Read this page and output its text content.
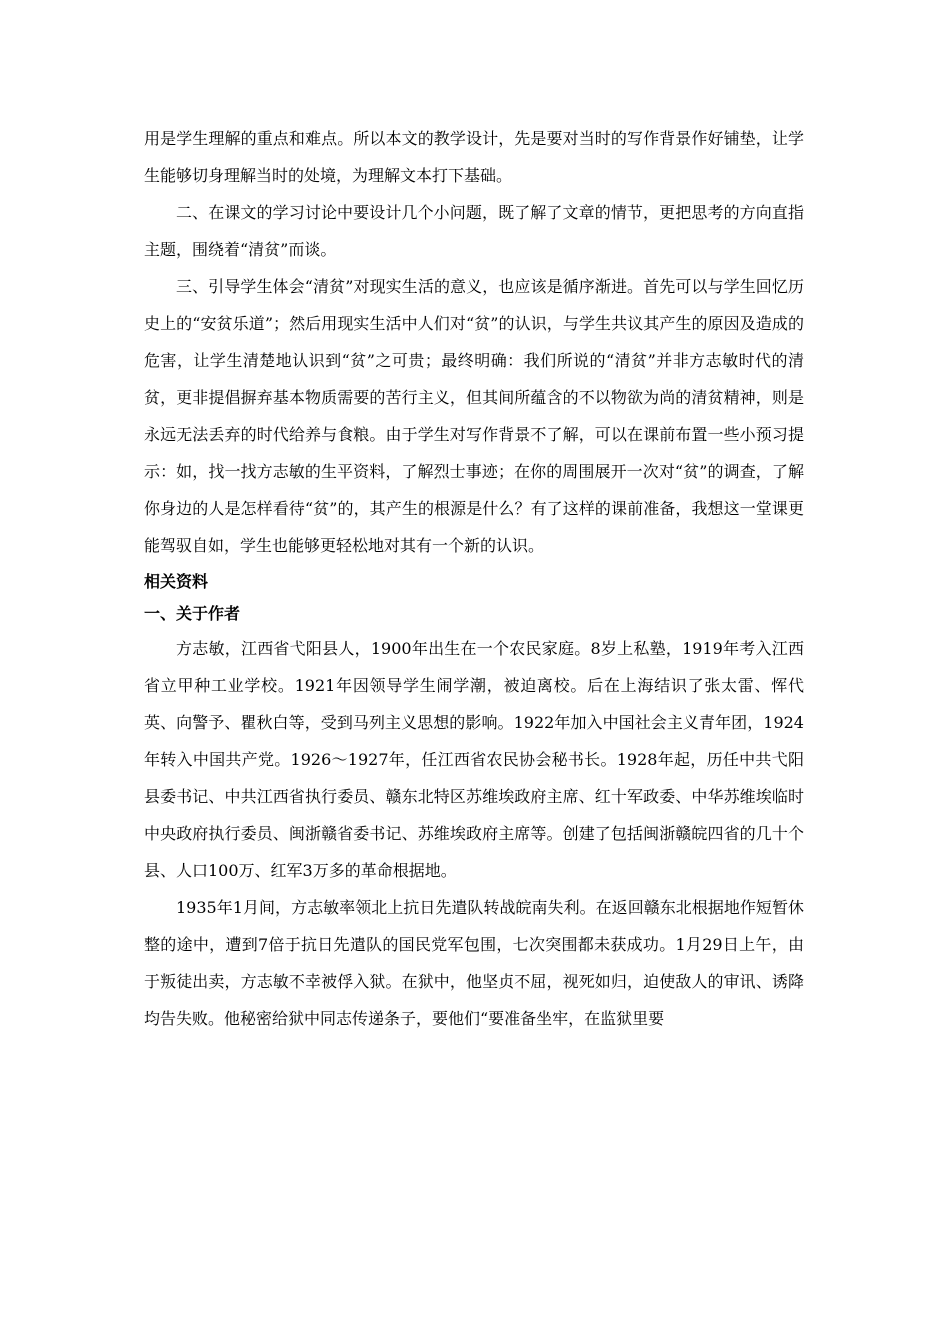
用是学生理解的重点和难点。所以本文的教学设计，先是要对当时的写作背景作好铺垫，让学生能够切身理解当时的处境，为理解文本打下基础。

二、在课文的学习讨论中要设计几个小问题，既了解了文章的情节，更把思考的方向直指主题，围绕着“清贫”而谈。

三、引导学生体会“清贫”对现实生活的意义，也应该是循序渐进。首先可以与学生回忆历史上的“安贫乐道”；然后用现实生活中人们对“贫”的认识，与学生共议其产生的原因及造成的危害，让学生清楚地认识到“贫”之可贵；最终明确：我们所说的“清贫”并非方志敏时代的清贫，更非提倡摒弃基本物质需要的苦行主义，但其间所蕴含的不以物欲为尚的清贫精神，则是永远无法丢弃的时代给养与食粮。由于学生对写作背景不了解，可以在课前布置一些小预习提示：如，找一找方志敏的生平资料，了解烈士事迹；在你的周围展开一次对“贫”的调查，了解你身边的人是怎样看待“贫”的，其产生的根源是什么？有了这样的课前准备，我想这一堂课更能驾驭自如，学生也能够更轻松地对其有一个新的认识。

相关资料

一、关于作者

方志敏，江西省弋阳县人，1900年出生在一个农民家庭。8岁上私塾，1919年考入江西省立甲种工业学校。1921年因领导学生闹学潮，被迫离校。后在上海结识了张太雷、恽代英、向警予、瞿秋白等，受到马列主义思想的影响。1922年加入中国社会主义青年团，1924年转入中国共产党。1926～1927年，任江西省农民协会秘书长。1928年起，历任中共弋阳县委书记、中共江西省执行委员、赣东北特区苏维埃政府主席、红十军政委、中华苏维埃临时中央政府执行委员、闽浙赣省委书记、苏维埃政府主席等。创建了包括闽浙赣皖四省的几十个县、人口100万、红军3万多的革命根据地。

1935年1月间，方志敏率领北上抗日先遣队转战皖南失利。在返回赣东北根据地作短暂休整的途中，遭到7倍于抗日先遣队的国民党军包围，七次突围都未获成功。1月29日上午，由于叛徒出卖，方志敏不幸被俘入狱。在狱中，他坚贞不屈，视死如归，迫使敌人的审讯、诱降均告失败。他秘密给狱中同志传递条子，要他们“要准备坐牢，在监狱里要
